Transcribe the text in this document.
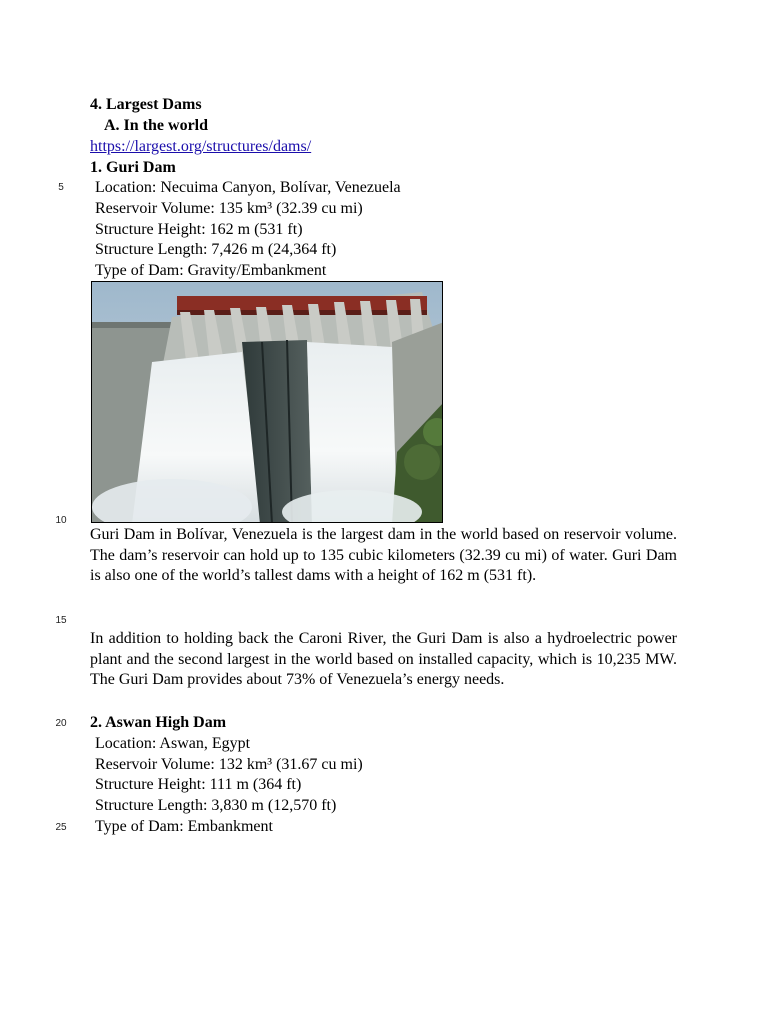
5
10
15
20
25
4. Largest Dams
A. In the world
https://largest.org/structures/dams/
1. Guri Dam
Location: Necuima Canyon, Bolívar, Venezuela
Reservoir Volume: 135 km³ (32.39 cu mi)
Structure Height: 162 m (531 ft)
Structure Length: 7,426 m (24,364 ft)
Type of Dam: Gravity/Embankment
Guri Dam in Bolívar, Venezuela is the largest dam in the world based on reservoir volume. The dam’s reservoir can hold up to 135 cubic kilometers (32.39 cu mi) of water. Guri Dam is also one of the world’s tallest dams with a height of 162 m (531 ft).
In addition to holding back the Caroni River, the Guri Dam is also a hydroelectric power plant and the second largest in the world based on installed capacity, which is 10,235 MW. The Guri Dam provides about 73% of Venezuela’s energy needs.
2. Aswan High Dam
Location: Aswan, Egypt
Reservoir Volume: 132 km³ (31.67 cu mi)
Structure Height: 111 m (364 ft)
Structure Length: 3,830 m (12,570 ft)
Type of Dam: Embankment
